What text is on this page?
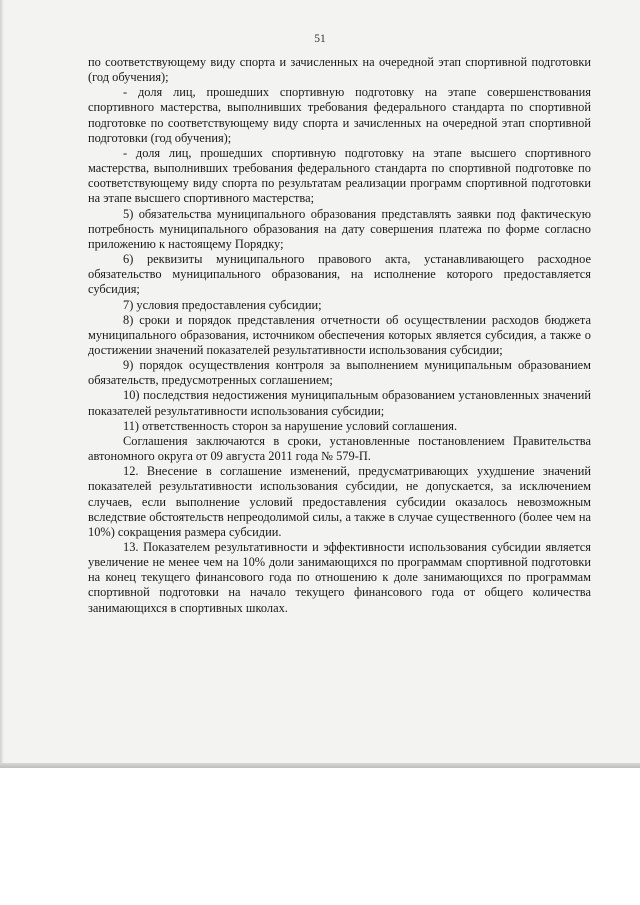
51

по соответствующему виду спорта и зачисленных на очередной этап спортивной подготовки (год обучения);

- доля лиц, прошедших спортивную подготовку на этапе совершенствования спортивного мастерства, выполнивших требования федерального стандарта по спортивной подготовке по соответствующему виду спорта и зачисленных на очередной этап спортивной подготовки (год обучения);

- доля лиц, прошедших спортивную подготовку на этапе высшего спортивного мастерства, выполнивших требования федерального стандарта по спортивной подготовке по соответствующему виду спорта по результатам реализации программ спортивной подготовки на этапе высшего спортивного мастерства;

5) обязательства муниципального образования представлять заявки под фактическую потребность муниципального образования на дату совершения платежа по форме согласно приложению к настоящему Порядку;

6) реквизиты муниципального правового акта, устанавливающего расходное обязательство муниципального образования, на исполнение которого предоставляется субсидия;

7) условия предоставления субсидии;

8) сроки и порядок представления отчетности об осуществлении расходов бюджета муниципального образования, источником обеспечения которых является субсидия, а также о достижении значений показателей результативности использования субсидии;

9) порядок осуществления контроля за выполнением муниципальным образованием обязательств, предусмотренных соглашением;

10) последствия недостижения муниципальным образованием установленных значений показателей результативности использования субсидии;

11) ответственность сторон за нарушение условий соглашения.

Соглашения заключаются в сроки, установленные постановлением Правительства автономного округа от 09 августа 2011 года № 579-П.

12. Внесение в соглашение изменений, предусматривающих ухудшение значений показателей результативности использования субсидии, не допускается, за исключением случаев, если выполнение условий предоставления субсидии оказалось невозможным вследствие обстоятельств непреодолимой силы, а также в случае существенного (более чем на 10%) сокращения размера субсидии.

13. Показателем результативности и эффективности использования субсидии является увеличение не менее чем на 10% доли занимающихся по программам спортивной подготовки на конец текущего финансового года по отношению к доле занимающихся по программам спортивной подготовки на начало текущего финансового года от общего количества занимающихся в спортивных школах.
